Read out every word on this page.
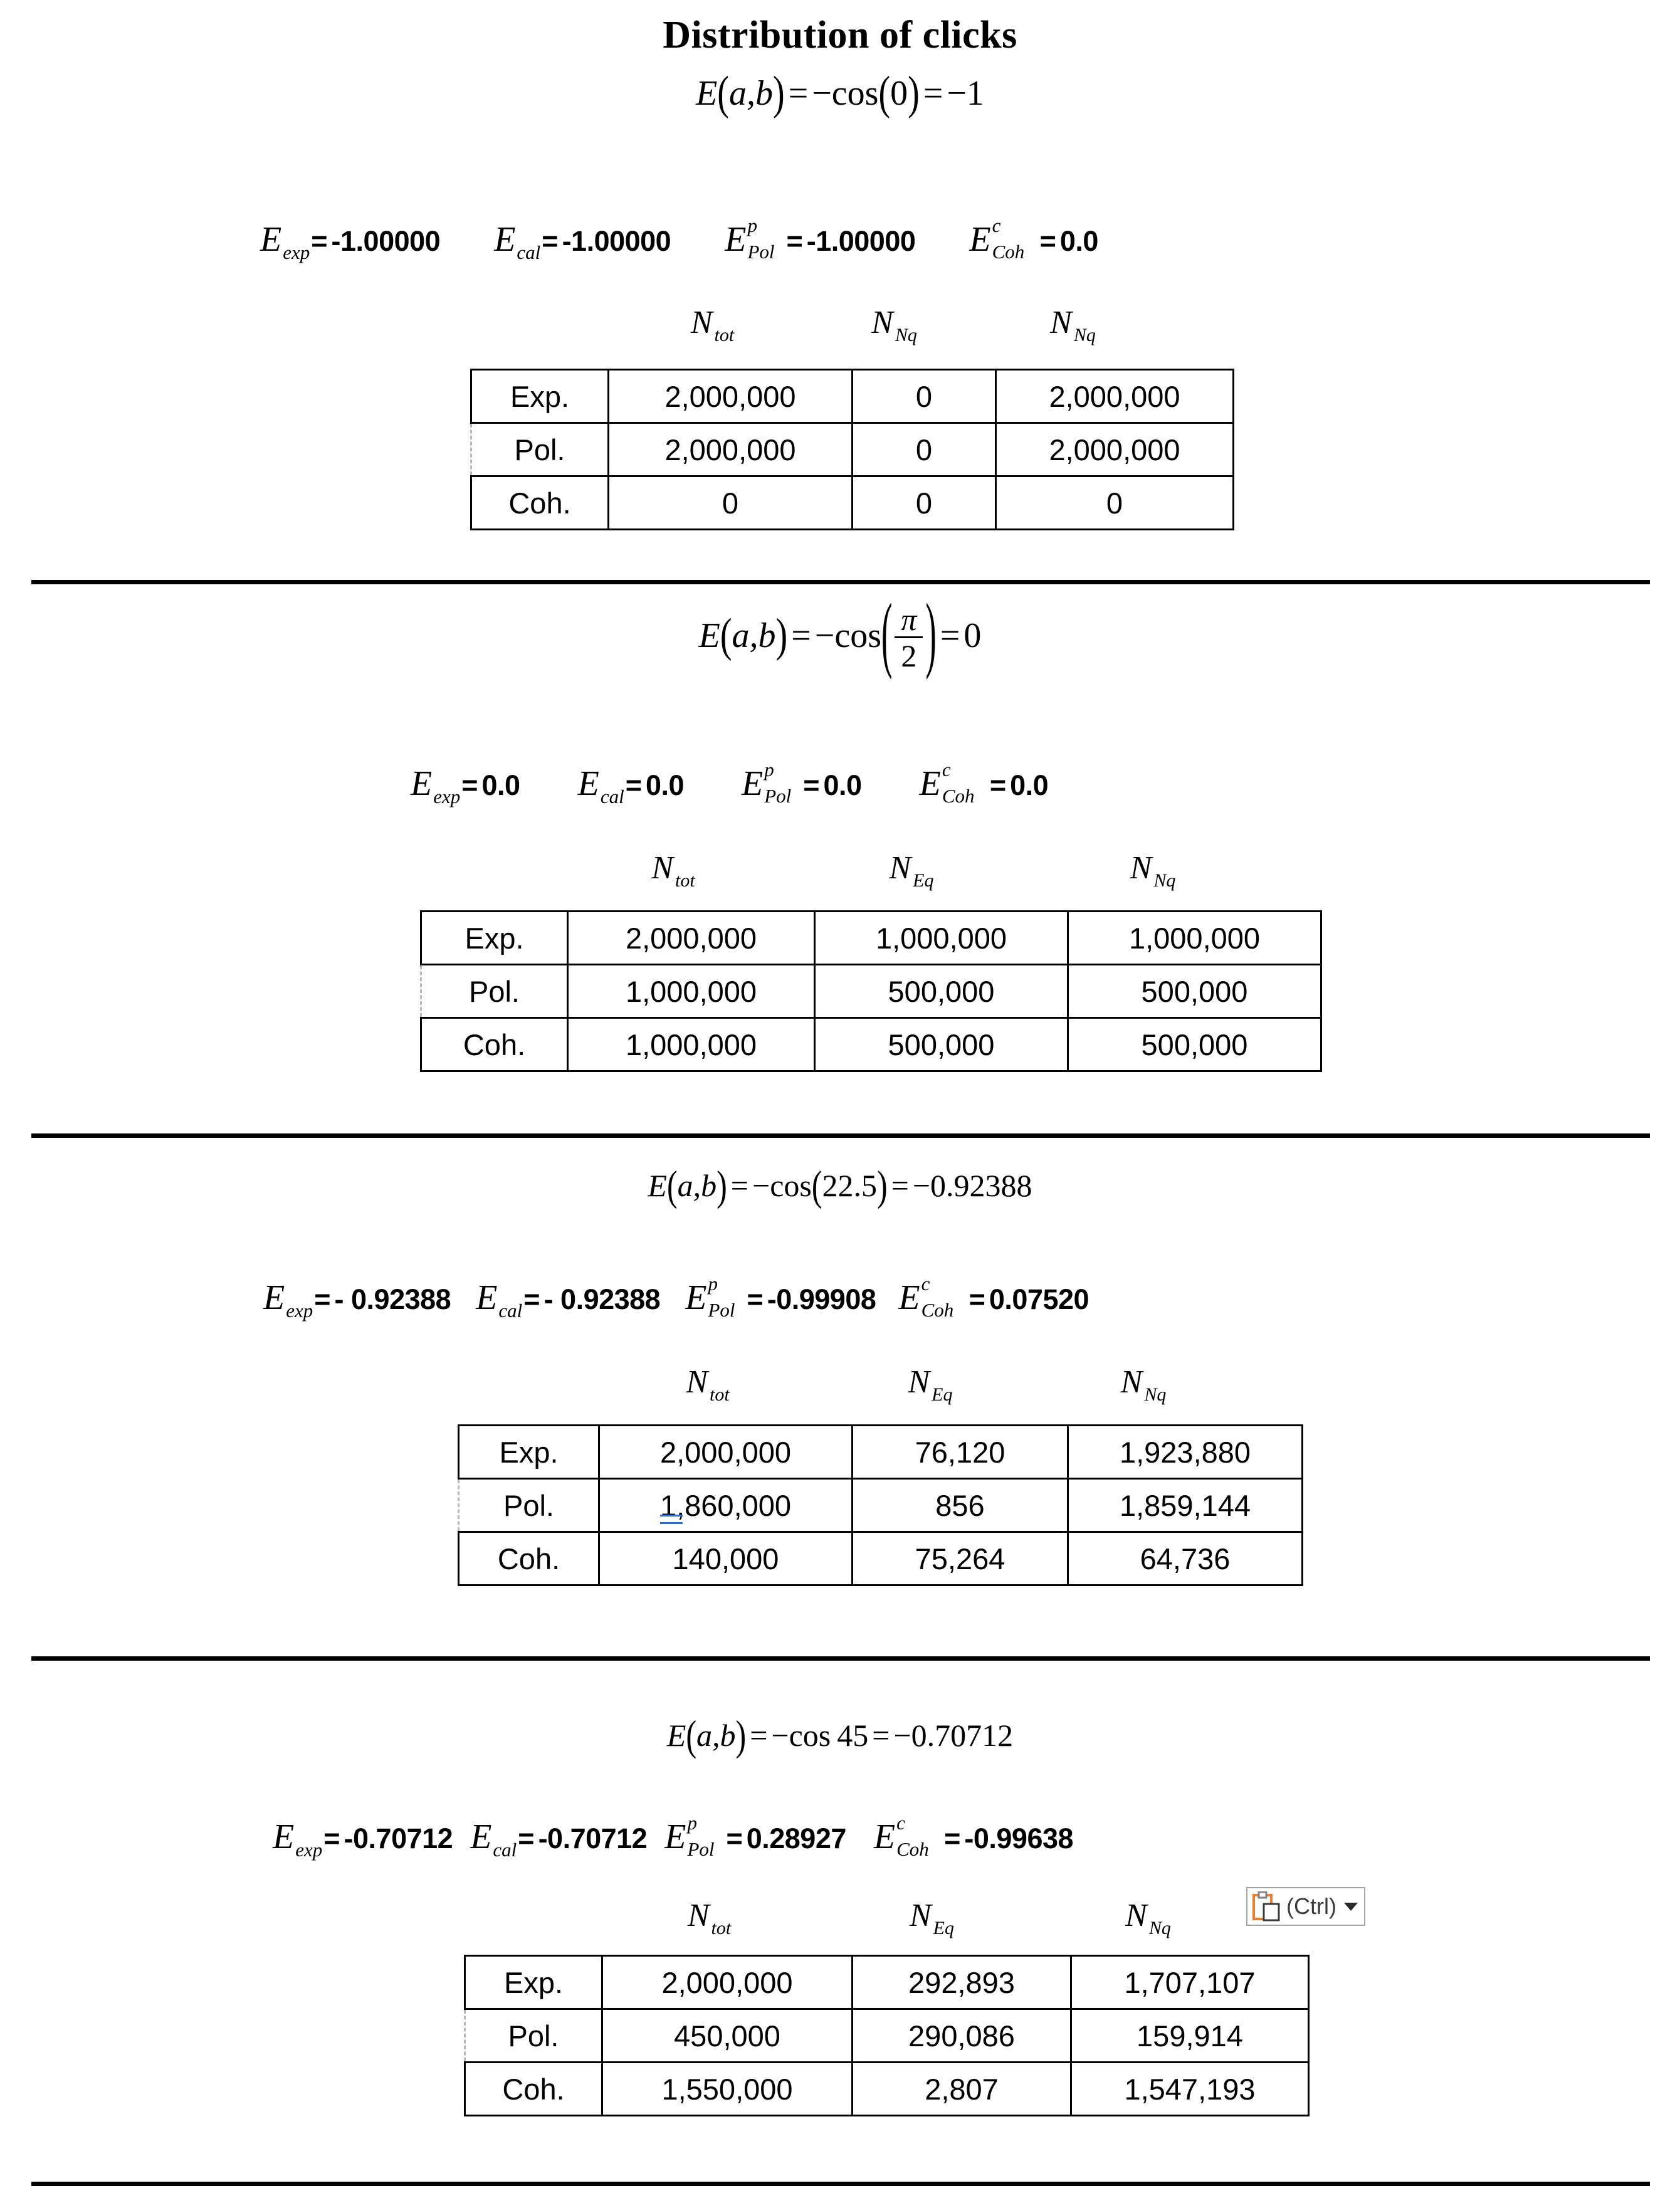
Distribution of clicks
E(a,b) = −cos(0) = −1
Eexp= -1.00000 Ecal= -1.00000 E p
Pol = -1.00000 E c
Coh = 0.0
N $_{tot}$	N $_{Nq}$	N $_{Nq}$
Exp.	2,000,000	0	2,000,000
Pol.	2,000,000	0	2,000,000
Coh.	0	0	0
$E(a,b) = -\cos( \frac{\pi}{2}$ ) = 0
Eexp= 0.0 Ecal= 0.0 E p
Pol = 0.0 E c
Coh = 0.0
N $_{tot}$	N $_{Eq}$	N $_{Nq}$
Exp.	2,000,000	1,000,000	1,000,000
Pol.	1,000,000	500,000	500,000
Coh.	1,000,000	500,000	500,000
E(a,b) = −cos(22.5) = −0.92388
Eexp= - 0.92388 Ecal= - 0.92388 E p
Pol = -0.99908 E c
Coh = 0.07520
N $_{tot}$	N $_{Eq}$	N $_{Nq}$
Exp.	2,000,000	76,120	1,923,880
Pol.	1,860,000	856	1,859,144
Coh.	140,000	75,264	64,736
E(a,b) = −cos 45 = −0.70712
Eexp= -0.70712 Ecal= -0.70712 E p
Pol = 0.28927 E c
Coh = -0.99638
N $_{tot}$	N $_{Eq}$	N $_{Nq}$
(Ctrl)
Exp.	2,000,000	292,893	1,707,107
Pol.	450,000	290,086	159,914
Coh.	1,550,000	2,807	1,547,193
